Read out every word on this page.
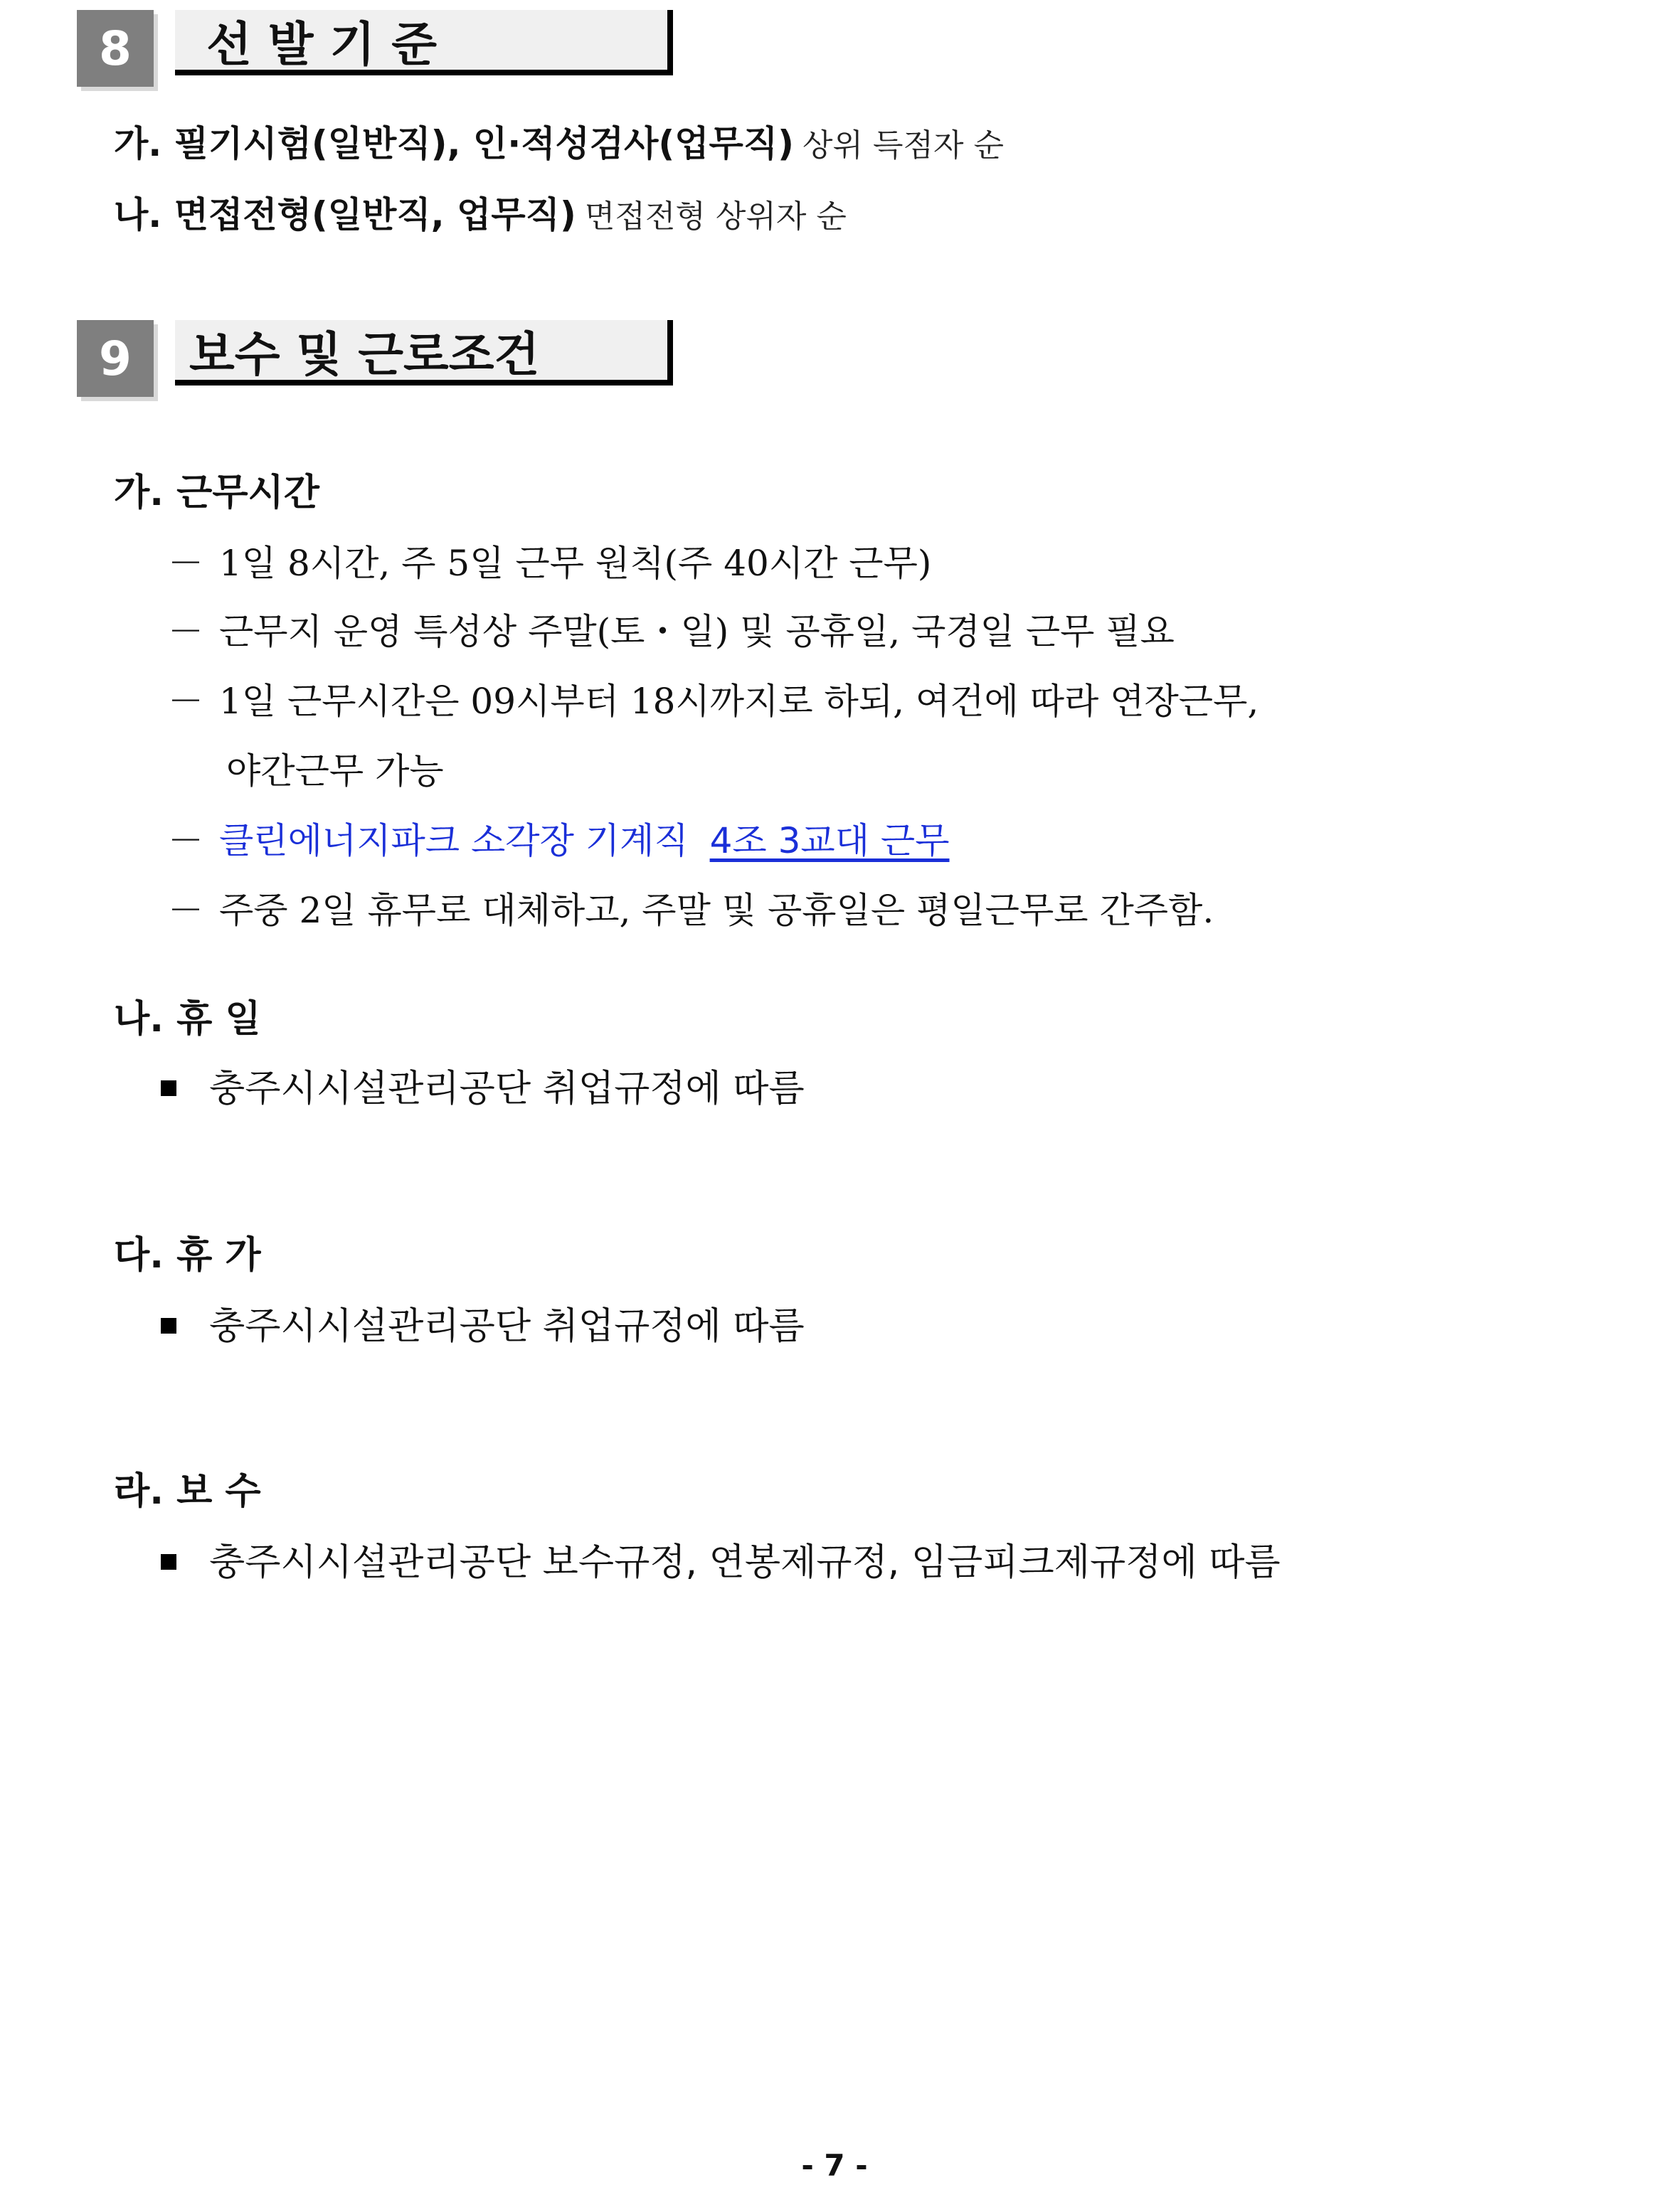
8	선 발 기 준
가. 필기시험(일반직), 인·적성검사(업무직) 상위 득점자 순
나. 면접전형(일반직, 업무직) 면접전형 상위자 순
9	보수 및 근로조건
가. 근무시간
－ 1일 8시간, 주 5일 근무 원칙(주 40시간 근무)
－ 근무지 운영 특성상 주말(토・일) 및 공휴일, 국경일 근무 필요
－ 1일 근무시간은 09시부터 18시까지로 하되, 여건에 따라 연장근무,
야간근무 가능
－ 클린에너지파크 소각장 기계직 4조 3교대 근무
－ 주중 2일 휴무로 대체하고, 주말 및 공휴일은 평일근무로 간주함.
나. 휴 일
충주시시설관리공단 취업규정에 따름
다. 휴 가
충주시시설관리공단 취업규정에 따름
라. 보 수
충주시시설관리공단 보수규정, 연봉제규정, 임금피크제규정에 따름
- 7 -
